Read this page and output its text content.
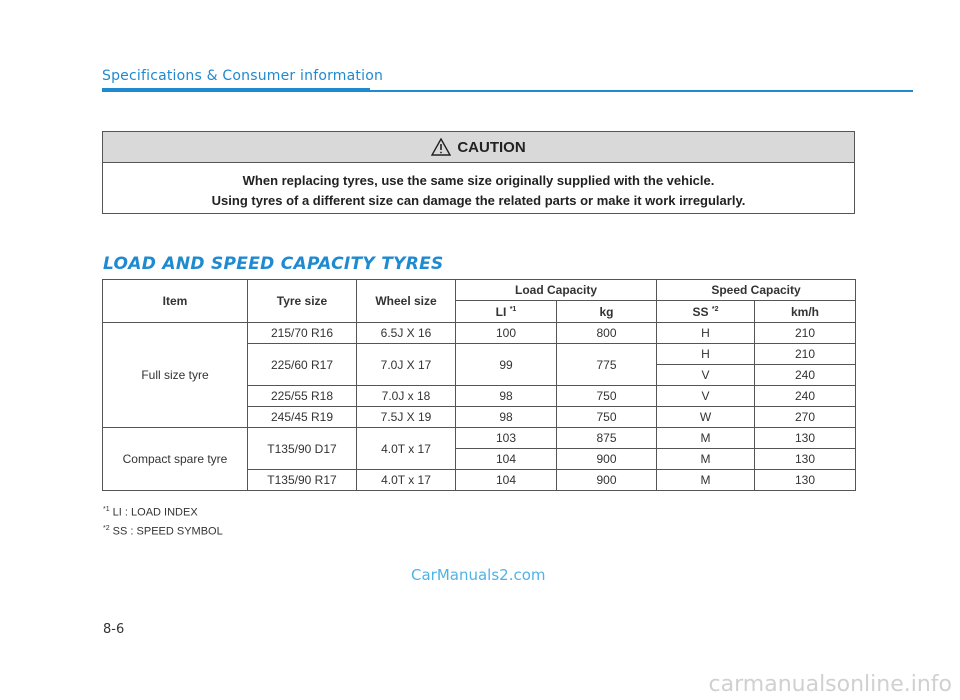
Specifications & Consumer information
CAUTION
When replacing tyres, use the same size originally supplied with the vehicle.
Using tyres of a different size can damage the related parts or make it work irregularly.
LOAD AND SPEED CAPACITY TYRES
Item	Tyre size	Wheel size	Load Capacity		Speed Capacity	
			LI $^{*1}$	kg	SS $^{*2}$	km/h
Full size tyre	215/70 R16	6.5J X 16	100	800	H	210
	225/60 R17	7.0J X 17	99	775	H	210
					V	240
	225/55 R18	7.0J x 18	98	750	V	240
	245/45 R19	7.5J X 19	98	750	W	270
Compact spare tyre	T135/90 D17	4.0T x 17	103	875	M	130
			104	900	M	130
	T135/90 R17	4.0T x 17	104	900	M	130
$^{*1}$ LI : LOAD INDEX
$^{*2}$ SS : SPEED SYMBOL
CarManuals2.com
8-6
carmanualsonline.info
